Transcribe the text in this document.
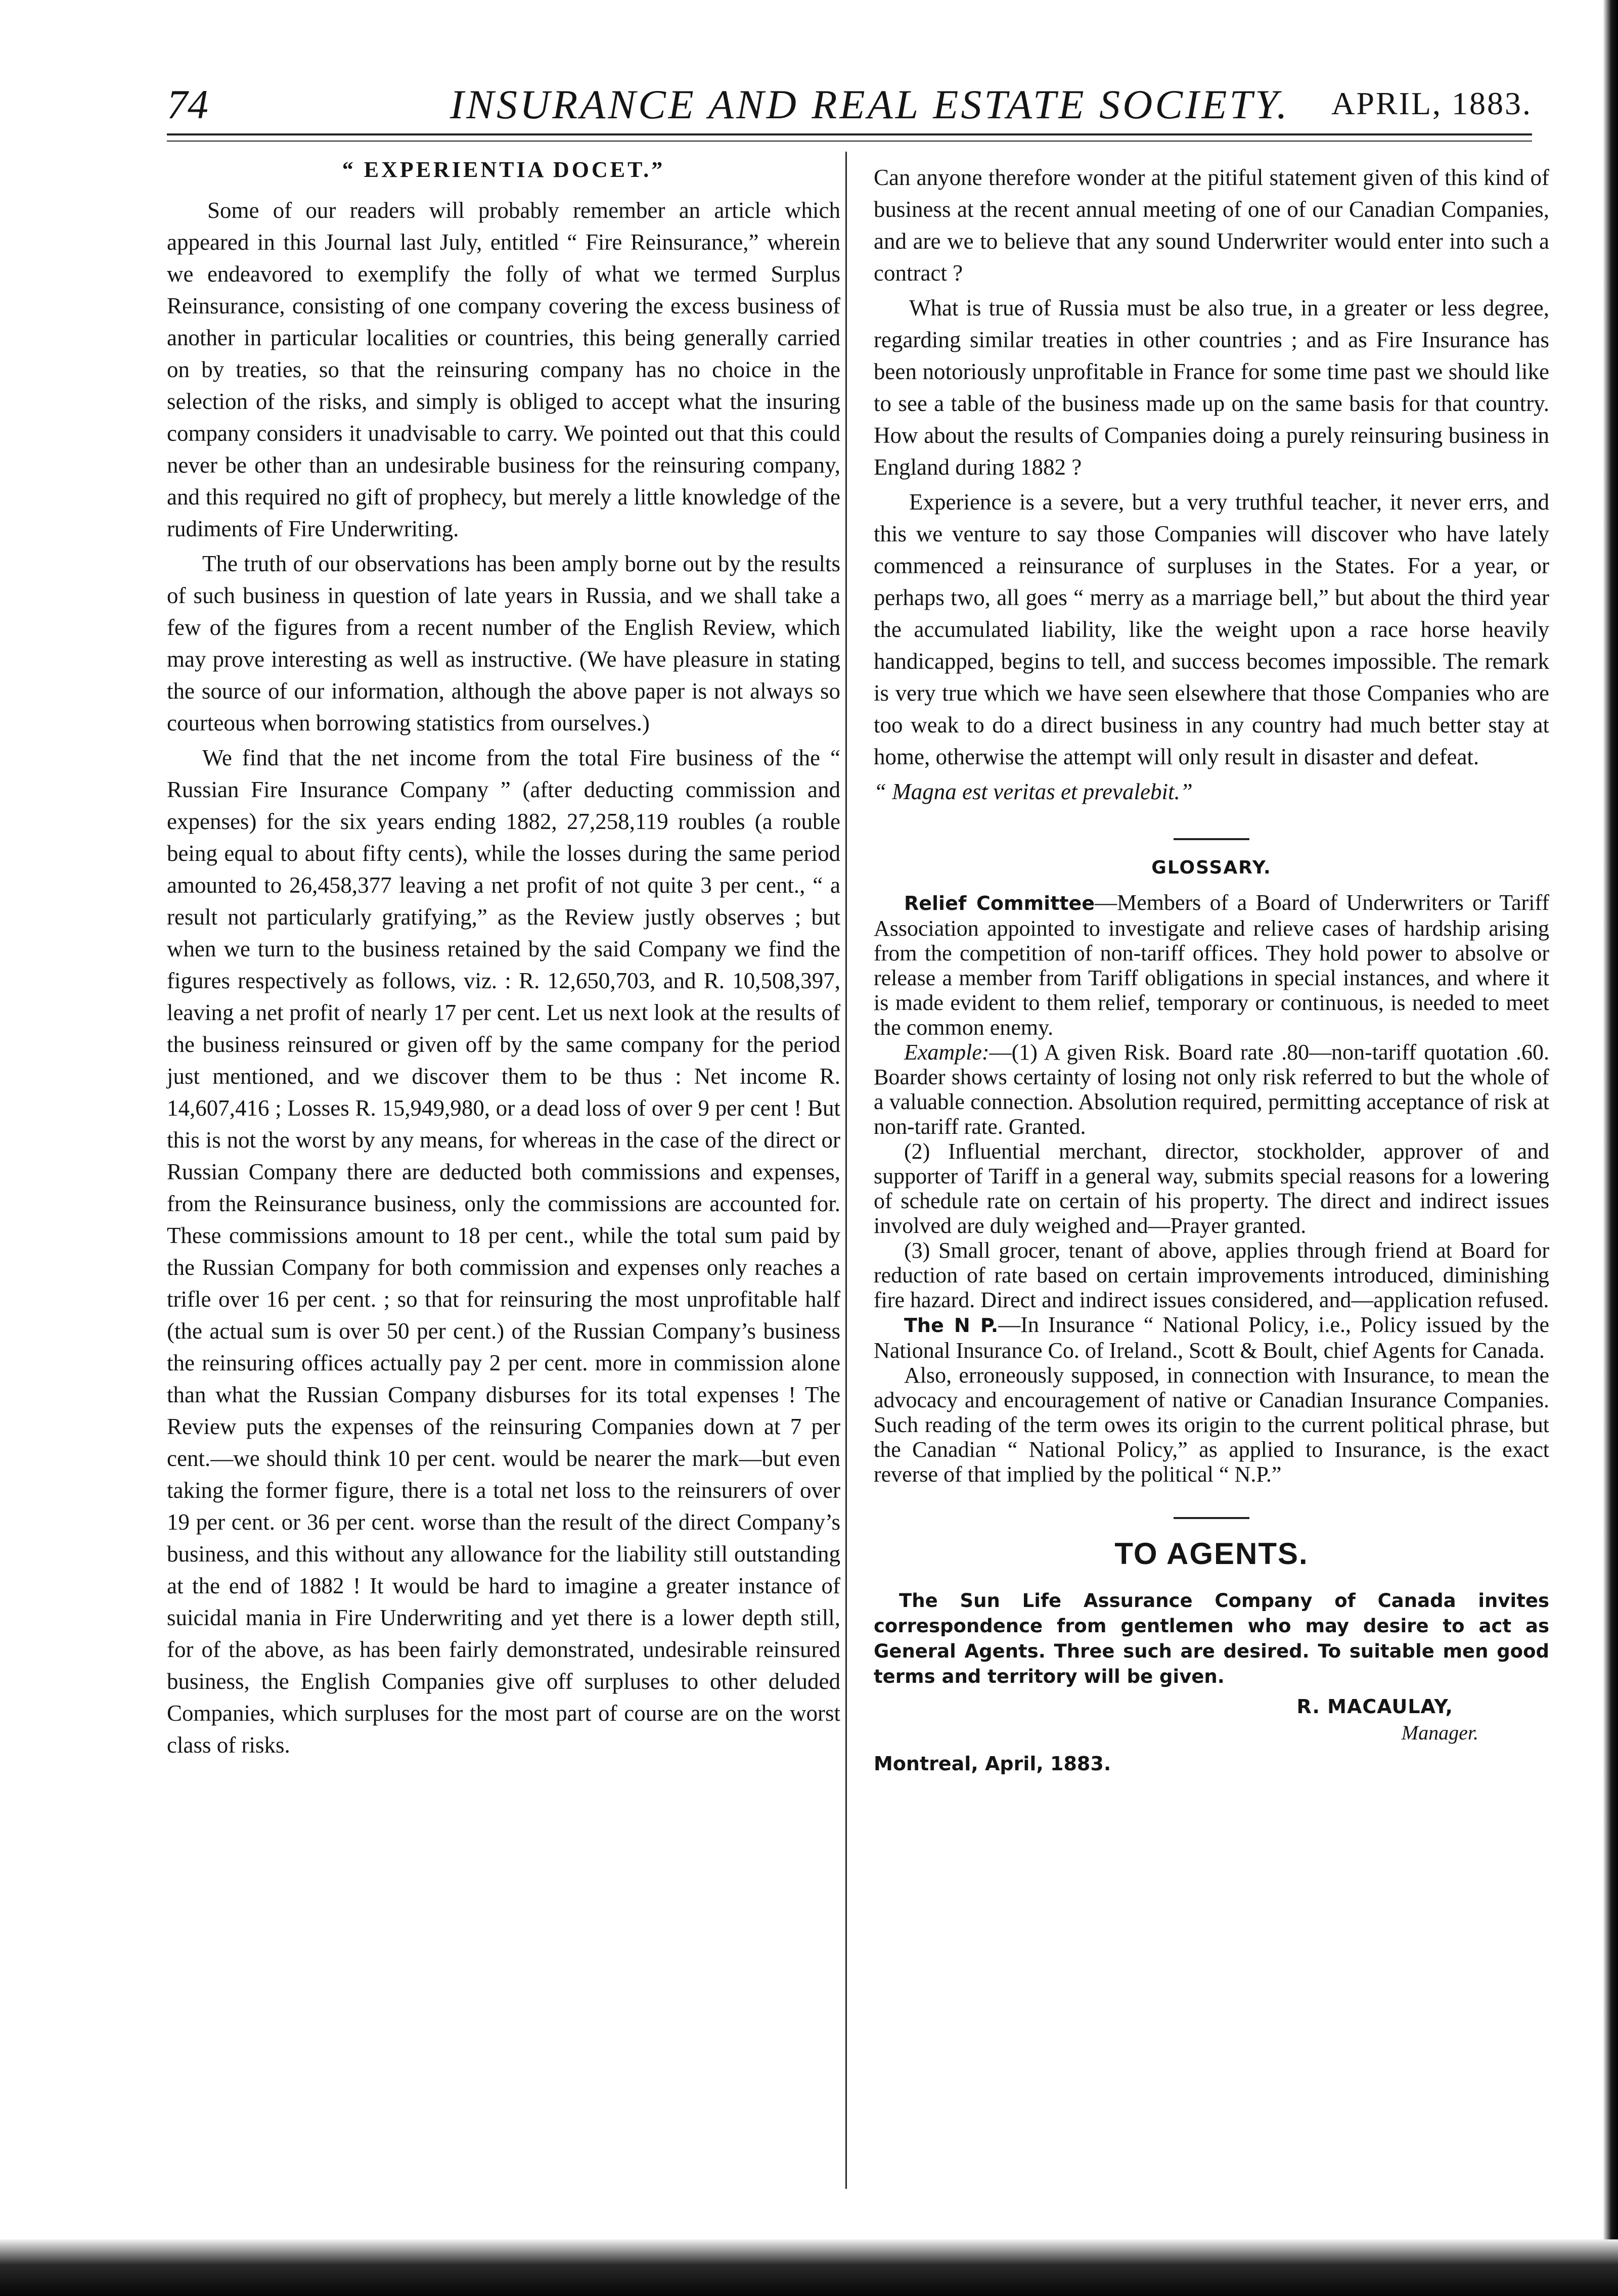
74	INSURANCE AND REAL ESTATE SOCIETY. APRIL, 1883.
“ EXPERIENTIA DOCET.”

Some of our readers will probably remember an article which appeared in this Journal last July, entitled “ Fire Reinsurance,” wherein we endeavored to exemplify the folly of what we termed Surplus Reinsurance, consisting of one company covering the excess business of another in particular localities or countries, this being generally carried on by treaties, so that the reinsuring company has no choice in the selection of the risks, and simply is obliged to accept what the insuring company considers it unadvisable to carry. We pointed out that this could never be other than an undesirable business for the reinsuring company, and this required no gift of prophecy, but merely a little knowledge of the rudiments of Fire Underwriting.

The truth of our observations has been amply borne out by the results of such business in question of late years in Russia, and we shall take a few of the figures from a recent number of the English Review, which may prove interesting as well as instructive. (We have pleasure in stating the source of our information, although the above paper is not always so courteous when borrowing statistics from ourselves.)

We find that the net income from the total Fire business of the “ Russian Fire Insurance Company ” (after deducting commission and expenses) for the six years ending 1882, 27,258,119 roubles (a rouble being equal to about fifty cents), while the losses during the same period amounted to 26,458,377 leaving a net profit of not quite 3 per cent., “ a result not particularly gratifying,” as the Review justly observes ; but when we turn to the business retained by the said Company we find the figures respectively as follows, viz. : R. 12,650,703, and R. 10,508,397, leaving a net profit of nearly 17 per cent. Let us next look at the results of the business reinsured or given off by the same company for the period just mentioned, and we discover them to be thus : Net income R. 14,607,416 ; Losses R. 15,949,980, or a dead loss of over 9 per cent ! But this is not the worst by any means, for whereas in the case of the direct or Russian Company there are deducted both commissions and expenses, from the Reinsurance business, only the commissions are accounted for. These commissions amount to 18 per cent., while the total sum paid by the Russian Company for both commission and expenses only reaches a trifle over 16 per cent. ; so that for reinsuring the most unprofitable half (the actual sum is over 50 per cent.) of the Russian Company’s business the reinsuring offices actually pay 2 per cent. more in commission alone than what the Russian Company disburses for its total expenses ! The Review puts the expenses of the reinsuring Companies down at 7 per cent.—we should think 10 per cent. would be nearer the mark—but even taking the former figure, there is a total net loss to the reinsurers of over 19 per cent. or 36 per cent. worse than the result of the direct Company’s business, and this without any allowance for the liability still outstanding at the end of 1882 ! It would be hard to imagine a greater instance of suicidal mania in Fire Underwriting and yet there is a lower depth still, for of the above, as has been fairly demonstrated, undesirable reinsured business, the English Companies give off surpluses to other deluded Companies, which surpluses for the most part of course are on the worst class of risks.

Can anyone therefore wonder at the pitiful statement given of this kind of business at the recent annual meeting of one of our Canadian Companies, and are we to believe that any sound Underwriter would enter into such a contract ?

What is true of Russia must be also true, in a greater or less degree, regarding similar treaties in other countries ; and as Fire Insurance has been notoriously unprofitable in France for some time past we should like to see a table of the business made up on the same basis for that country. How about the results of Companies doing a purely reinsuring business in England during 1882 ?

Experience is a severe, but a very truthful teacher, it never errs, and this we venture to say those Companies will discover who have lately commenced a reinsurance of surpluses in the States. For a year, or perhaps two, all goes “ merry as a marriage bell,” but about the third year the accumulated liability, like the weight upon a race horse heavily handicapped, begins to tell, and success becomes impossible. The remark is very true which we have seen elsewhere that those Companies who are too weak to do a direct business in any country had much better stay at home, otherwise the attempt will only result in disaster and defeat.

“ Magna est veritas et prevalebit.”

GLOSSARY.

Relief Committee—Members of a Board of Underwriters or Tariff Association appointed to investigate and relieve cases of hardship arising from the competition of non-tariff offices. They hold power to absolve or release a member from Tariff obligations in special instances, and where it is made evident to them relief, temporary or continuous, is needed to meet the common enemy.

Example:—(1) A given Risk. Board rate .80—non-tariff quotation .60. Boarder shows certainty of losing not only risk referred to but the whole of a valuable connection. Absolution required, permitting acceptance of risk at non-tariff rate. Granted.

(2) Influential merchant, director, stockholder, approver of and supporter of Tariff in a general way, submits special reasons for a lowering of schedule rate on certain of his property. The direct and indirect issues involved are duly weighed and—Prayer granted.

(3) Small grocer, tenant of above, applies through friend at Board for reduction of rate based on certain improvements introduced, diminishing fire hazard. Direct and indirect issues considered, and—application refused.

The N P.—In Insurance “ National Policy, i.e., Policy issued by the National Insurance Co. of Ireland., Scott & Boult, chief Agents for Canada.

Also, erroneously supposed, in connection with Insurance, to mean the advocacy and encouragement of native or Canadian Insurance Companies. Such reading of the term owes its origin to the current political phrase, but the Canadian “ National Policy,” as applied to Insurance, is the exact reverse of that implied by the political “ N.P.”

TO AGENTS.

The Sun Life Assurance Company of Canada invites correspondence from gentlemen who may desire to act as General Agents. Three such are desired. To suitable men good terms and territory will be given.

R. MACAULAY,
Manager.
Montreal, April, 1883.
